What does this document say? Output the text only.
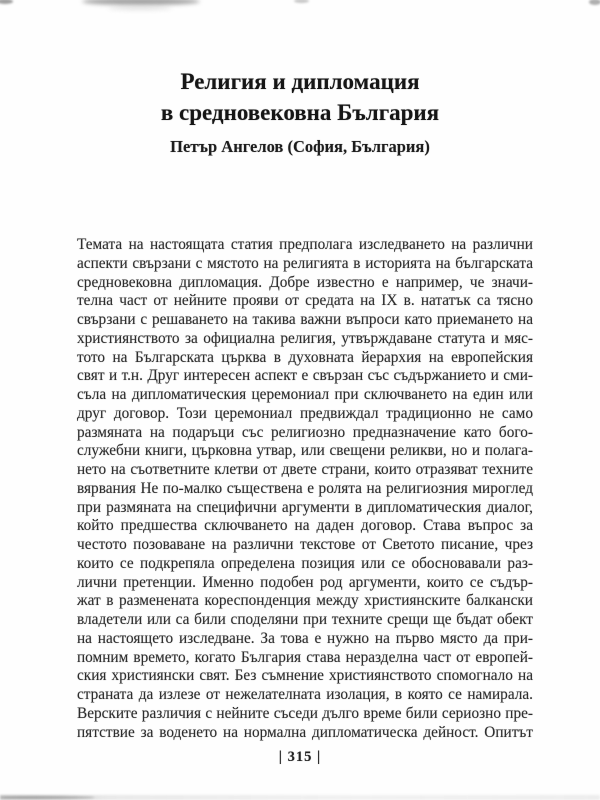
Религия и дипломация
в средновековна България
Петър Ангелов (София, България)
Темата на настоящата статия предполага изследването на различни
аспекти свързани с мястото на религията в историята на българската
средновековна дипломация. Добре известно е например, че значи-
телна част от нейните прояви от средата на IX в. нататък са тясно
свързани с решаването на такива важни въпроси като приемането на
християнството за официална религия, утвърждаване статута и мяс-
тото на Българската църква в духовната йерархия на европейския
свят и т.н. Друг интересен аспект е свързан със съдържанието и сми-
съла на дипломатическия церемониал при сключването на един или
друг договор. Този церемониал предвиждал традиционно не само
размяната на подаръци със религиозно предназначение като бого-
служебни книги, църковна утвар, или свещени реликви, но и полага-
нето на съответните клетви от двете страни, които отразяват техните
вярвания Не по-малко съществена е ролята на религиозния мироглед
при размяната на специфични аргументи в дипломатическия диалог,
който предшества сключването на даден договор. Става въпрос за
честото позоваване на различни текстове от Светото писание, чрез
които се подкрепяла определена позиция или се обосновавали раз-
лични претенции. Именно подобен род аргументи, които се съдър-
жат в разменената кореспонденция между християнските балкански
владетели или са били споделяни при техните срещи ще бъдат обект
на настоящето изследване. За това е нужно на първо място да при-
помним времето, когато България става неразделна част от европей-
ския християнски свят. Без съмнение християнството спомогнало на
страната да излезе от нежелателната изолация, в която се намирала.
Верските различия с нейните съседи дълго време били сериозно пре-
пятствие за воденето на нормална дипломатическа дейност. Опитът
| 315 |
